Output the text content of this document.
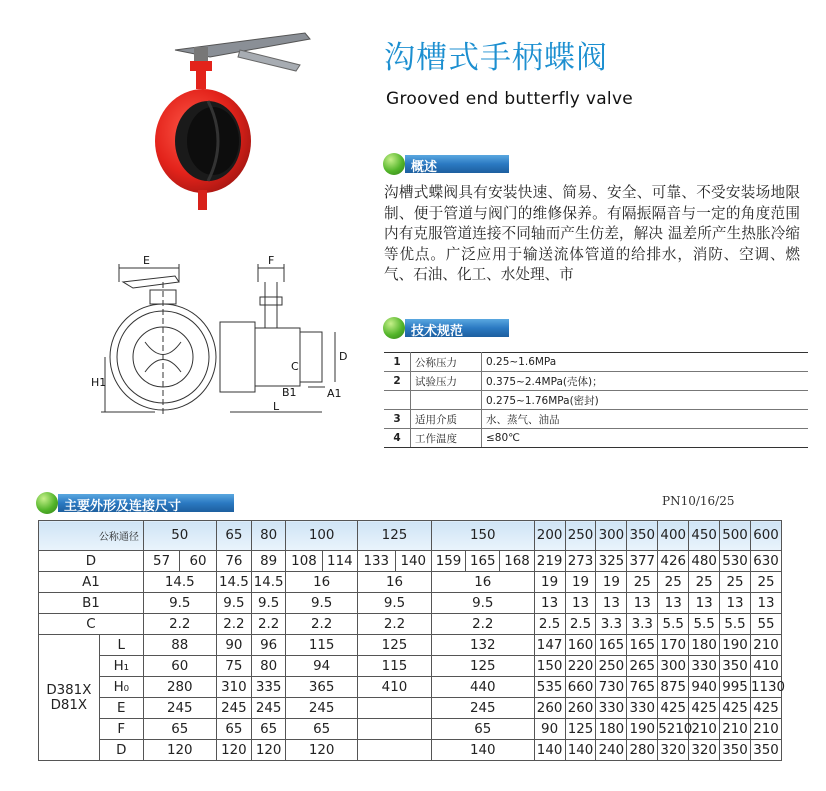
沟槽式手柄蝶阀
Grooved end butterfly valve
概述
沟槽式蝶阀具有安装快速、简易、安全、可靠、不受安装场地限制、便于管道与阀门的维修保养。有隔振隔音与一定的角度范围内有克服管道连接不同轴而产生仿差，解决 温差所产生热胀冷缩等优点。广泛应用于输送流体管道的给排水，消防、空调、燃气、石油、化工、水处理、市
E	F
H1
D
C
B1	A1
L
技术规范
1	公称压力	0.25~1.6MPa
2	试验压力	0.375~2.4MPa(壳体)；
		0.275~1.76MPa(密封)
3	适用介质	水、蒸气、油品
4	工作温度	≤80℃
主要外形及连接尺寸	PN10/16/25
公称通径		50		65	80	100		125		150			200	250	300	350	400	450	500	600
D		57	60	76	89	108	114	133	140	159	165	168	219	273	325	377	426	480	530	630
A1		14.5		14.5	14.5	16		16		16			19	19	19	25	25	25	25	25
B1		9.5		9.5	9.5	9.5		9.5		9.5			13	13	13	13	13	13	13	13
C		2.2		2.2	2.2	2.2		2.2		2.2			2.5	2.5	3.3	3.3	5.5	5.5	5.5	55

D381X
D81X	L	88		90	96	115		125		132			147	160	165	165	170	180	190	210
	H₁	60		75	80	94		115		125			150	220	250	265	300	330	350	410
	H₀	280		310	335	365		410		440			535	660	730	765	875	940	995	1130
	E	245		245	245	245				245			260	260	330	330	425	425	425	425
	F	65		65	65	65				65			90	125	180	190	5210	210	210	210
	D	120		120	120	120				140			140	140	240	280	320	320	350	350
